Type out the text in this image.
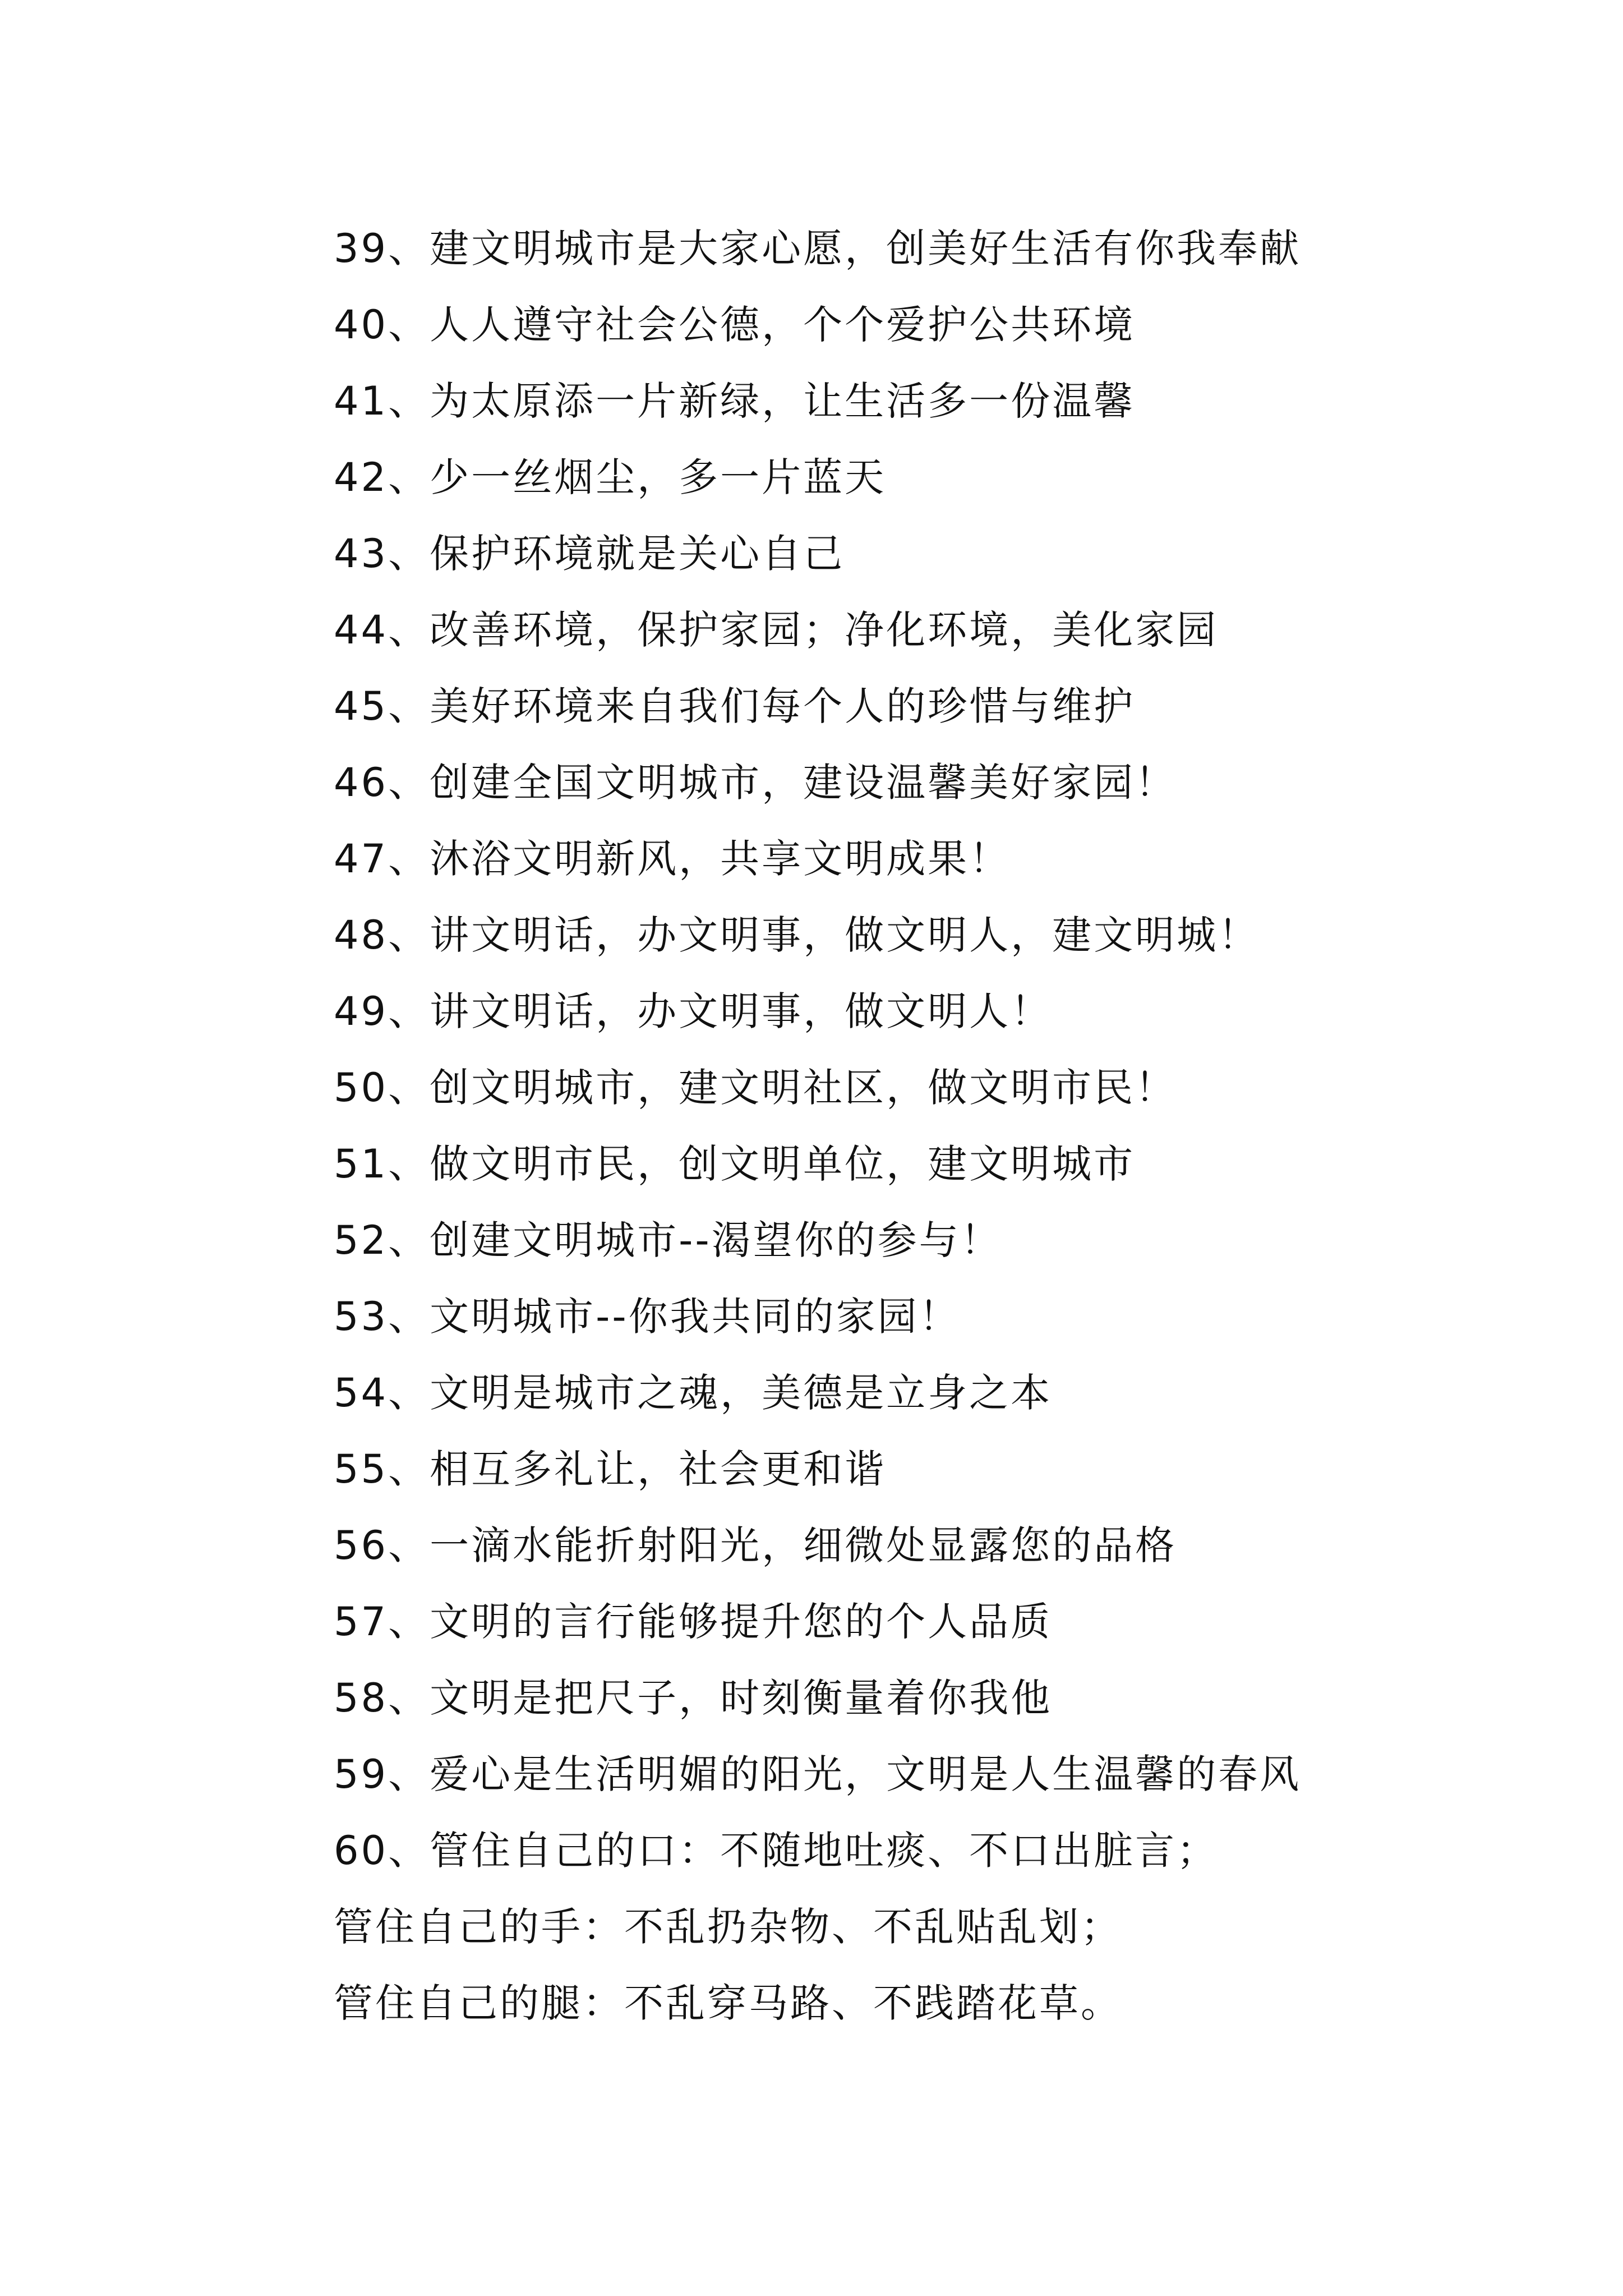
39、建文明城市是大家心愿，创美好生活有你我奉献
40、人人遵守社会公德，个个爱护公共环境
41、为太原添一片新绿，让生活多一份温馨
42、少一丝烟尘，多一片蓝天
43、保护环境就是关心自己
44、改善环境，保护家园；净化环境，美化家园
45、美好环境来自我们每个人的珍惜与维护
46、创建全国文明城市，建设温馨美好家园！
47、沐浴文明新风，共享文明成果！
48、讲文明话，办文明事，做文明人，建文明城！
49、讲文明话，办文明事，做文明人！
50、创文明城市，建文明社区，做文明市民！
51、做文明市民，创文明单位，建文明城市
52、创建文明城市--渴望你的参与！
53、文明城市--你我共同的家园！
54、文明是城市之魂，美德是立身之本
55、相互多礼让，社会更和谐
56、一滴水能折射阳光，细微处显露您的品格
57、文明的言行能够提升您的个人品质
58、文明是把尺子，时刻衡量着你我他
59、爱心是生活明媚的阳光，文明是人生温馨的春风
60、管住自己的口：不随地吐痰、不口出脏言；
管住自己的手：不乱扔杂物、不乱贴乱划；
管住自己的腿：不乱穿马路、不践踏花草。
